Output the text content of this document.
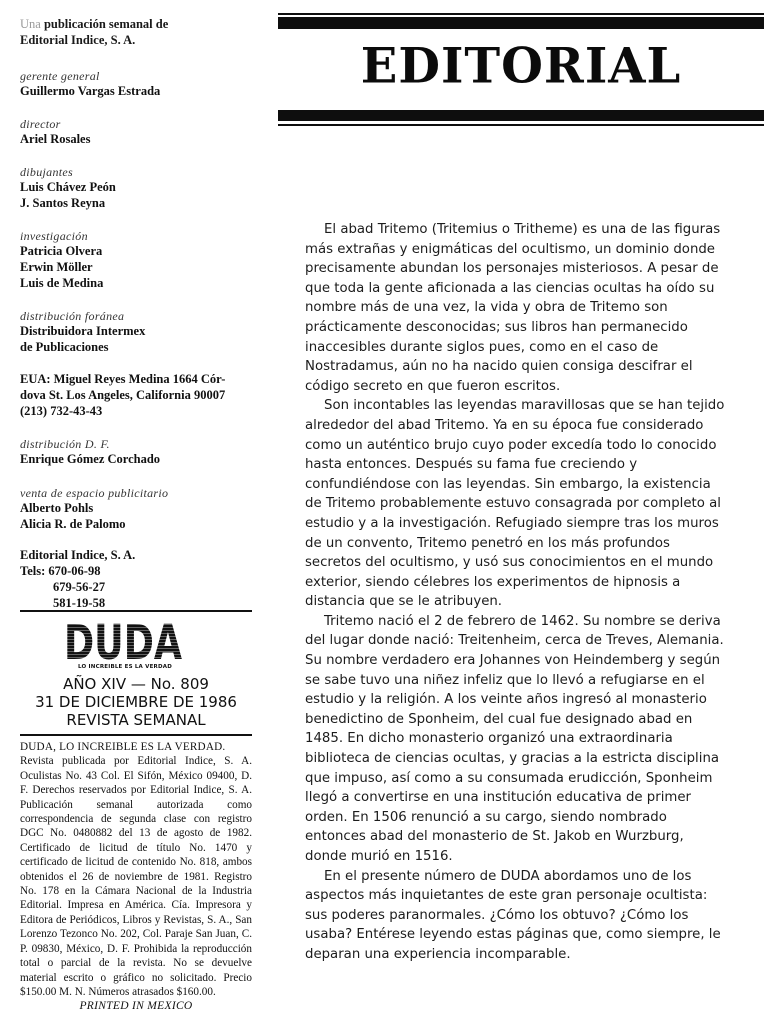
Una publicación semanal de
Editorial Indice, S. A.
gerente general
Guillermo Vargas Estrada
director
Ariel Rosales
dibujantes
Luis Chávez Peón
J. Santos Reyna
investigación
Patricia Olvera
Erwin Möller
Luis de Medina
distribución foránea
Distribuidora Intermex
de Publicaciones
EUA: Miguel Reyes Medina 1664 Cór-
dova St. Los Angeles, California 90007
(213) 732-43-43
distribución D. F.
Enrique Gómez Corchado
venta de espacio publicitario
Alberto Pohls
Alicia R. de Palomo
Editorial Indice, S. A.
Tels: 670-06-98
679-56-27
581-19-58
DUDA
LO INCREIBLE ES LA VERDAD
AÑO XIV — No. 809
31 DE DICIEMBRE DE 1986
REVISTA SEMANAL
DUDA, LO INCREIBLE ES LA VERDAD.
Revista publicada por Editorial Indice, S. A. Oculistas No. 43 Col. El Sifón, México 09400, D. F. Derechos reservados por Editorial Indice, S. A. Publicación semanal autorizada como correspondencia de segunda clase con registro DGC No. 0480882 del 13 de agosto de 1982. Certificado de licitud de título No. 1470 y certificado de licitud de contenido No. 818, ambos obtenidos el 26 de noviembre de 1981. Registro No. 178 en la Cámara Nacional de la Industria Editorial. Impresa en América. Cía. Impresora y Editora de Periódicos, Libros y Revistas, S. A., San Lorenzo Tezonco No. 202, Col. Paraje San Juan, C. P. 09830, México, D. F. Prohibida la reproducción total o parcial de la revista. No se devuelve material escrito o gráfico no solicitado. Precio $150.00 M. N. Números atrasados $160.00.
PRINTED IN MEXICO
EDITORIAL

El abad Tritemo (Tritemius o Tritheme) es una de las figuras más extrañas y enigmáticas del ocultismo, un dominio donde precisamente abundan los personajes misteriosos. A pesar de que toda la gente aficionada a las ciencias ocultas ha oído su nombre más de una vez, la vida y obra de Tritemo son prácticamente desconocidas; sus libros han permanecido inaccesibles durante siglos pues, como en el caso de Nostradamus, aún no ha nacido quien consiga descifrar el código secreto en que fueron escritos.

Son incontables las leyendas maravillosas que se han tejido alrededor del abad Tritemo. Ya en su época fue considerado como un auténtico brujo cuyo poder excedía todo lo conocido hasta entonces. Después su fama fue creciendo y confundiéndose con las leyendas. Sin embargo, la existencia de Tritemo probablemente estuvo consagrada por completo al estudio y a la investigación. Refugiado siempre tras los muros de un convento, Tritemo penetró en los más profundos secretos del ocultismo, y usó sus conocimientos en el mundo exterior, siendo célebres los experimentos de hipnosis a distancia que se le atribuyen.

Tritemo nació el 2 de febrero de 1462. Su nombre se deriva del lugar donde nació: Treitenheim, cerca de Treves, Alemania. Su nombre verdadero era Johannes von Heindemberg y según se sabe tuvo una niñez infeliz que lo llevó a refugiarse en el estudio y la religión. A los veinte años ingresó al monasterio benedictino de Sponheim, del cual fue designado abad en 1485. En dicho monasterio organizó una extraordinaria biblioteca de ciencias ocultas, y gracias a la estricta disciplina que impuso, así como a su consumada erudicción, Sponheim llegó a convertirse en una institución educativa de primer orden. En 1506 renunció a su cargo, siendo nombrado entonces abad del monasterio de St. Jakob en Wurzburg, donde murió en 1516.

En el presente número de DUDA abordamos uno de los aspectos más inquietantes de este gran personaje ocultista: sus poderes paranormales. ¿Cómo los obtuvo? ¿Cómo los usaba? Entérese leyendo estas páginas que, como siempre, le deparan una experiencia incomparable.
